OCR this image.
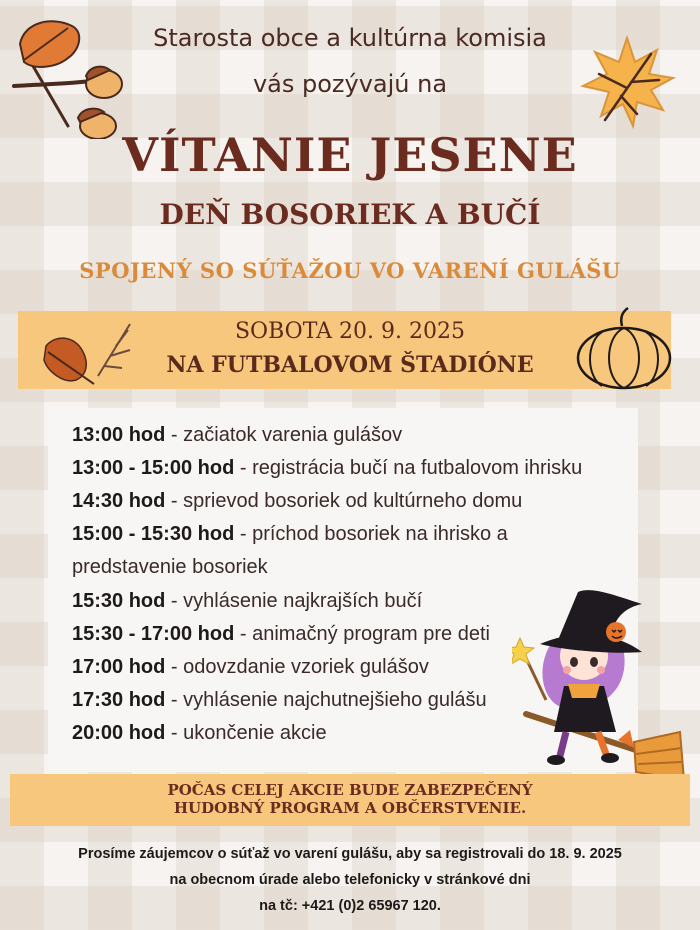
Starosta obce a kultúrna komisia
vás pozývajú na
VÍTANIE JESENE
DEŇ BOSORIEK A BUČÍ
SPOJENÝ SO SÚŤAŽOU VO VARENÍ GULÁŠU
SOBOTA 20. 9. 2025
NA FUTBALOVOM ŠTADIÓNE
13:00 hod - začiatok varenia gulášov
13:00 - 15:00 hod - registrácia bučí na futbalovom ihrisku
14:30 hod - sprievod bosoriek od kultúrneho domu
15:00 - 15:30 hod - príchod bosoriek na ihrisko a
predstavenie bosoriek
15:30 hod - vyhlásenie najkrajších bučí
15:30 - 17:00 hod - animačný program pre deti
17:00 hod - odovzdanie vzoriek gulášov
17:30 hod - vyhlásenie najchutnejšieho gulášu
20:00 hod - ukončenie akcie
POČAS CELEJ AKCIE BUDE ZABEZPEČENÝ
HUDOBNÝ PROGRAM A OBČERSTVENIE.
Prosíme záujemcov o súťaž vo varení gulášu, aby sa registrovali do 18. 9. 2025
na obecnom úrade alebo telefonicky v stránkové dni
na tč: +421 (0)2 65967 120.
